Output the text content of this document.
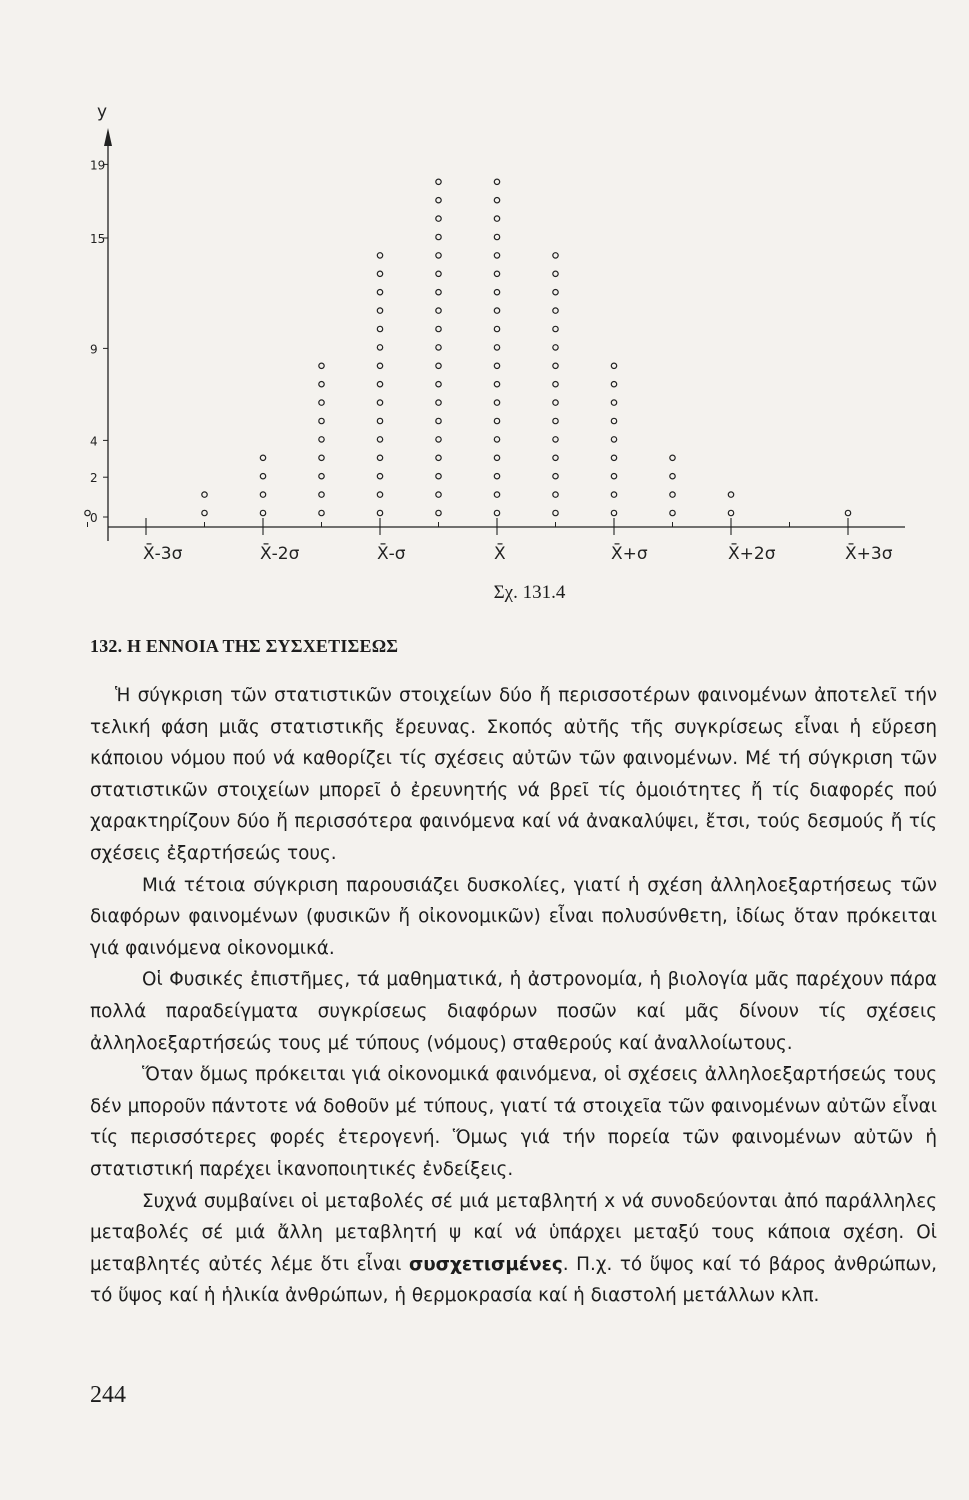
y
19
15
9
4
2
0
X̄-3σ	X̄-2σ	X̄-σ	X̄	X̄+σ	X̄+2σ	X̄+3σ
Σχ. 131.4
132. Η ΕΝΝΟΙΑ ΤΗΣ ΣΥΣΧΕΤΙΣΕΩΣ

Ἡ σύγκριση τῶν στατιστικῶν στοιχείων δύο ἤ περισσοτέρων φαινομένων ἀποτελεῖ τήν τελική φάση μιᾶς στατιστικῆς ἔρευνας. Σκοπός αὐτῆς τῆς συγκρίσεως εἶναι ἡ εὕρεση κάποιου νόμου πού νά καθορίζει τίς σχέσεις αὐτῶν τῶν φαινομένων. Μέ τή σύγκριση τῶν στατιστικῶν στοιχείων μπορεῖ ὁ ἐρευνητής νά βρεῖ τίς ὁμοιότητες ἤ τίς διαφορές πού χαρακτηρίζουν δύο ἤ περισσότερα φαινόμενα καί νά ἀνακαλύψει, ἔτσι, τούς δεσμούς ἤ τίς σχέσεις ἐξαρτήσεώς τους.

Μιά τέτοια σύγκριση παρουσιάζει δυσκολίες, γιατί ἡ σχέση ἀλληλοεξαρτήσεως τῶν διαφόρων φαινομένων (φυσικῶν ἤ οἰκονομικῶν) εἶναι πολυσύνθετη, ἰδίως ὅταν πρόκειται γιά φαινόμενα οἰκονομικά.

Οἱ Φυσικές ἐπιστῆμες, τά μαθηματικά, ἡ ἀστρονομία, ἡ βιολογία μᾶς παρέχουν πάρα πολλά παραδείγματα συγκρίσεως διαφόρων ποσῶν καί μᾶς δίνουν τίς σχέσεις ἀλληλοεξαρτήσεώς τους μέ τύπους (νόμους) σταθερούς καί ἀναλλοίωτους.

Ὅταν ὅμως πρόκειται γιά οἰκονομικά φαινόμενα, οἱ σχέσεις ἀλληλοεξαρτήσεώς τους δέν μποροῦν πάντοτε νά δοθοῦν μέ τύπους, γιατί τά στοιχεῖα τῶν φαινομένων αὐτῶν εἶναι τίς περισσότερες φορές ἑτερογενή. Ὅμως γιά τήν πορεία τῶν φαινομένων αὐτῶν ἡ στατιστική παρέχει ἱκανοποιητικές ἐνδείξεις.

Συχνά συμβαίνει οἱ μεταβολές σέ μιά μεταβλητή x νά συνοδεύονται ἀπό παράλληλες μεταβολές σέ μιά ἄλλη μεταβλητή ψ καί νά ὑπάρχει μεταξύ τους κάποια σχέση. Οἱ μεταβλητές αὐτές λέμε ὅτι εἶναι συσχετισμένες. Π.χ. τό ὕψος καί τό βάρος ἀνθρώπων, τό ὕψος καί ἡ ἡλικία ἀνθρώπων, ἡ θερμοκρασία καί ἡ διαστολή μετάλλων κλπ.

244
